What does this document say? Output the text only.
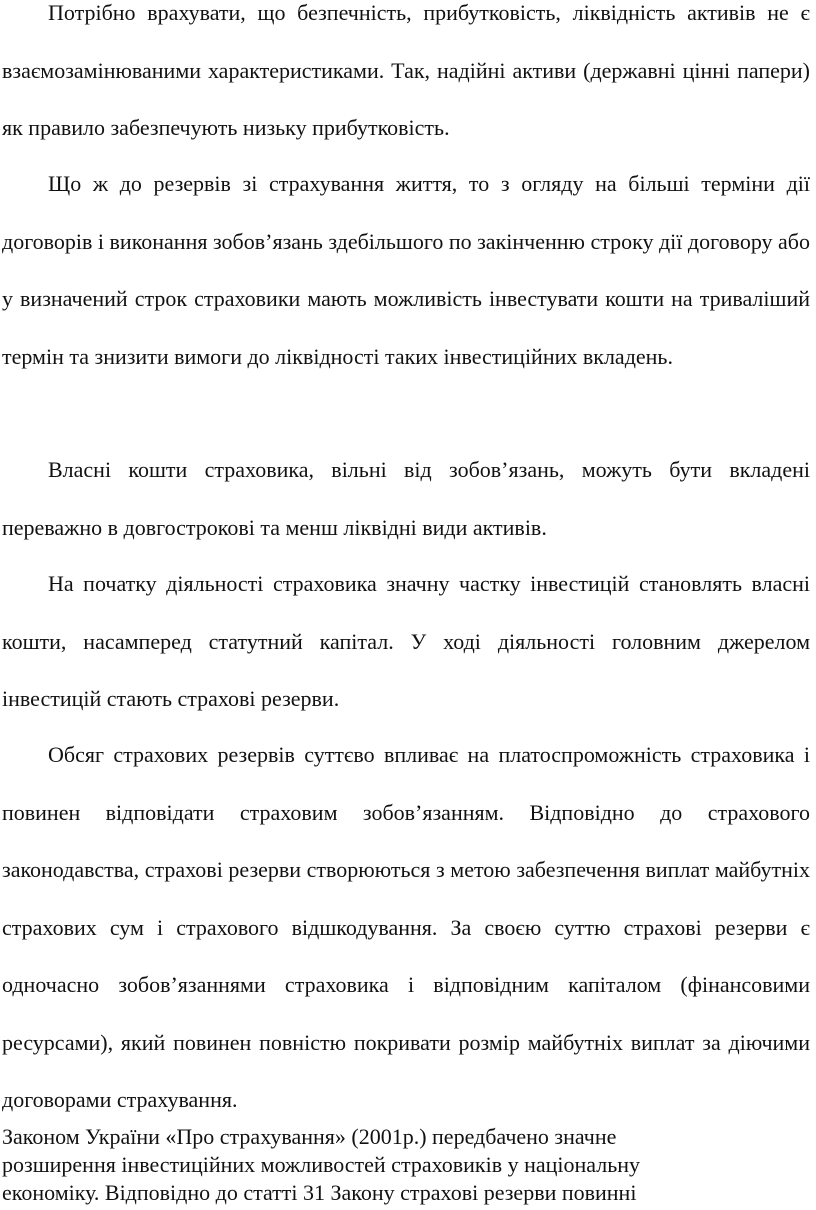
Потрібно врахувати, що безпечність, прибутковість, ліквідність активів не є взаємозамінюваними характеристиками. Так, надійні активи (державні цінні папери) як правило забезпечують низьку прибутковість.

Що ж до резервів зі страхування життя, то з огляду на більші терміни дії договорів і виконання зобов’язань здебільшого по закінченню строку дії договору або у визначений строк страховики мають можливість інвестувати кошти на триваліший термін та знизити вимоги до ліквідності таких інвестиційних вкладень.

Власні кошти страховика, вільні від зобов’язань, можуть бути вкладені переважно в довгострокові та менш ліквідні види активів.

На початку діяльності страховика значну частку інвестицій становлять власні кошти, насамперед статутний капітал. У ході діяльності головним джерелом інвестицій стають страхові резерви.

Обсяг страхових резервів суттєво впливає на платоспроможність страховика і повинен відповідати страховим зобов’язанням. Відповідно до страхового законодавства, страхові резерви створюються з метою забезпечення виплат майбутніх страхових сум і страхового відшкодування. За своєю суттю страхові резерви є одночасно зобов’язаннями страховика і відповідним капіталом (фінансовими ресурсами), який повинен повністю покривати розмір майбутніх виплат за діючими договорами страхування.

Законом України «Про страхування» (2001р.) передбачено значне розширення інвестиційних можливостей страховиків у національну економіку. Відповідно до статті 31 Закону страхові резерви повинні
